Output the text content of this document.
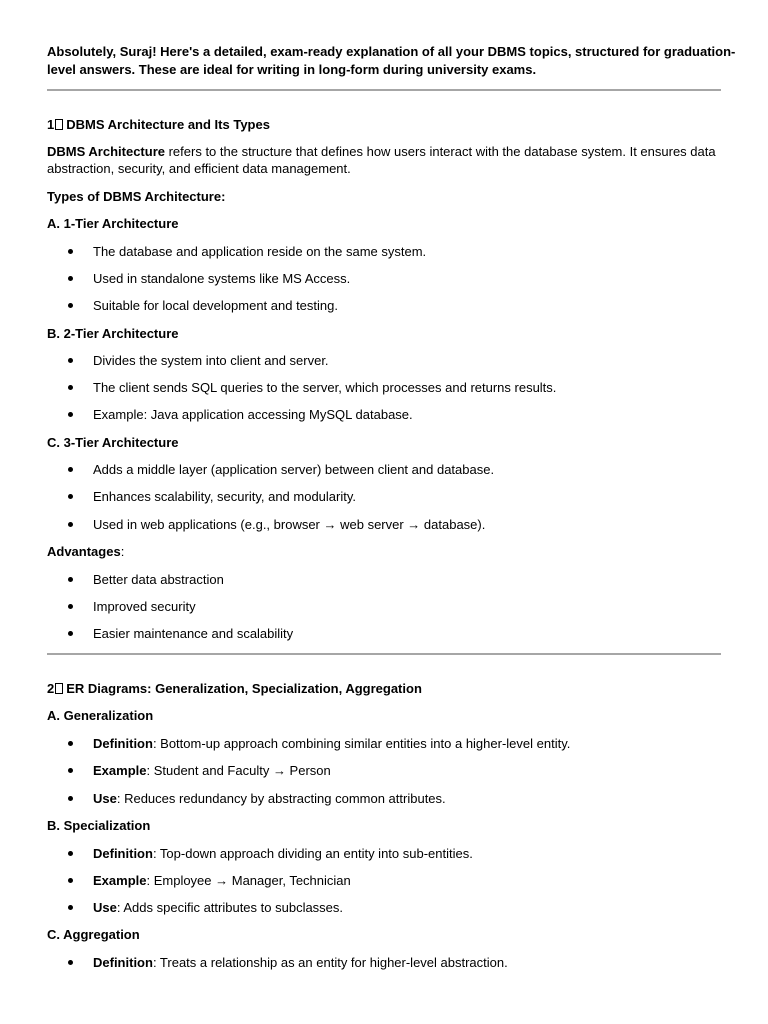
Absolutely, Suraj! Here's a detailed, exam-ready explanation of all your DBMS topics, structured for graduation-
level answers. These are ideal for writing in long-form during university exams.
1 DBMS Architecture and Its Types
DBMS Architecture refers to the structure that defines how users interact with the database system. It ensures data
abstraction, security, and efficient data management.
Types of DBMS Architecture:
A. 1-Tier Architecture
The database and application reside on the same system.
Used in standalone systems like MS Access.
Suitable for local development and testing.
B. 2-Tier Architecture
Divides the system into client and server.
The client sends SQL queries to the server, which processes and returns results.
Example: Java application accessing MySQL database.
C. 3-Tier Architecture
Adds a middle layer (application server) between client and database.
Enhances scalability, security, and modularity.
Used in web applications (e.g., browser → web server → database).
Advantages:
Better data abstraction
Improved security
Easier maintenance and scalability
2 ER Diagrams: Generalization, Specialization, Aggregation
A. Generalization
Definition: Bottom-up approach combining similar entities into a higher-level entity.
Example: Student and Faculty → Person
Use: Reduces redundancy by abstracting common attributes.
B. Specialization
Definition: Top-down approach dividing an entity into sub-entities.
Example: Employee → Manager, Technician
Use: Adds specific attributes to subclasses.
C. Aggregation
Definition: Treats a relationship as an entity for higher-level abstraction.
